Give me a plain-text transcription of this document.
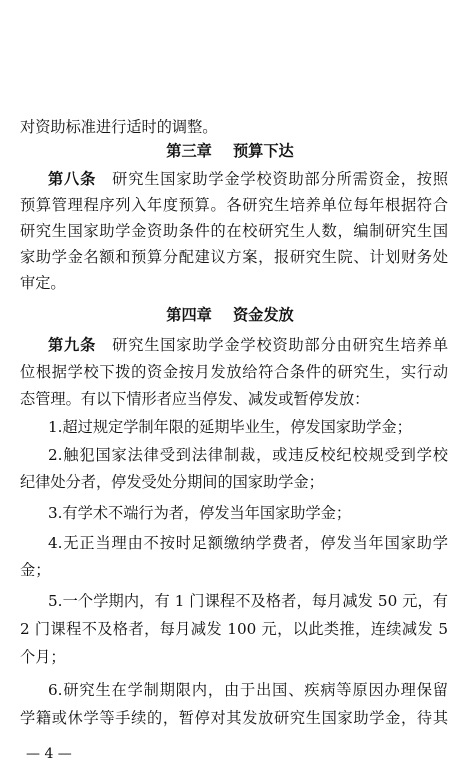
对资助标准进行适时的调整。
第三章    预算下达
第八条　 研究生国家助学金学校资助部分所需资金，按照
预算管理程序列入年度预算。各研究生培养单位每年根据符合
研究生国家助学金资助条件的在校研究生人数，编制研究生国
家助学金名额和预算分配建议方案，报研究生院、计划财务处
审定。
第四章    资金发放
第九条　 研究生国家助学金学校资助部分由研究生培养单
位根据学校下拨的资金按月发放给符合条件的研究生，实行动
态管理。有以下情形者应当停发、减发或暂停发放：
1.超过规定学制年限的延期毕业生，停发国家助学金；
2.触犯国家法律受到法律制裁，或违反校纪校规受到学校
纪律处分者，停发受处分期间的国家助学金；
3.有学术不端行为者，停发当年国家助学金；
4.无正当理由不按时足额缴纳学费者，停发当年国家助学
金；
5.一个学期内，有 1 门课程不及格者，每月减发 50 元，有
2 门课程不及格者，每月减发 100 元，以此类推，连续减发 5
个月；
6.研究生在学制期限内，由于出国、疾病等原因办理保留
学籍或休学等手续的，暂停对其发放研究生国家助学金，待其
— 4 —
